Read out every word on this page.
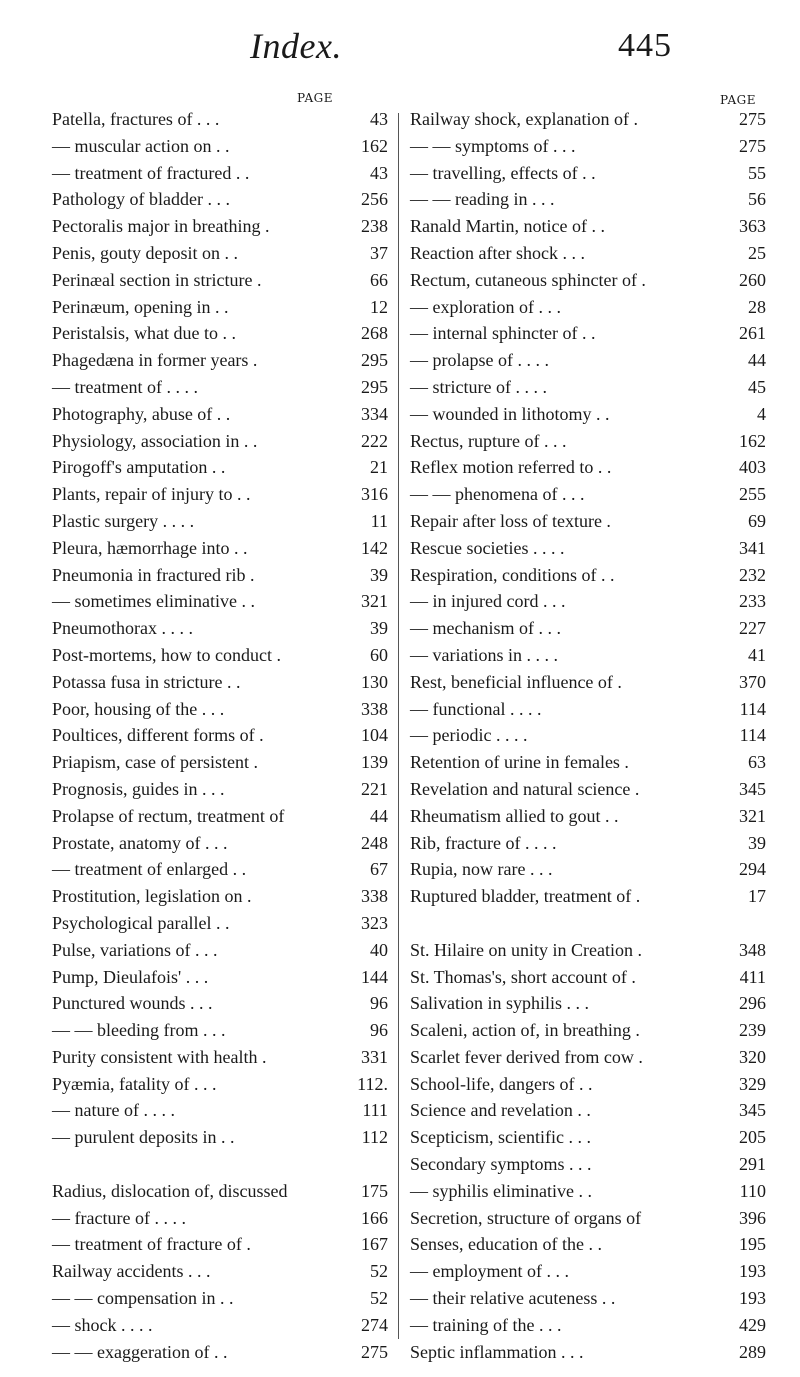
Index.	445
PAGE
Patella, fractures of . . .	43
— muscular action on . .	162
— treatment of fractured . .	43
Pathology of bladder . . .	256
Pectoralis major in breathing .	238
Penis, gouty deposit on . .	37
Perinæal section in stricture .	66
Perinæum, opening in . .	12
Peristalsis, what due to . .	268
Phagedæna in former years .	295
— treatment of . . . .	295
Photography, abuse of . .	334
Physiology, association in . .	222
Pirogoff's amputation . .	21
Plants, repair of injury to . .	316
Plastic surgery . . . .	11
Pleura, hæmorrhage into . .	142
Pneumonia in fractured rib .	39
— sometimes eliminative . .	321
Pneumothorax . . . .	39
Post-mortems, how to conduct .	60
Potassa fusa in stricture . .	130
Poor, housing of the . . .	338
Poultices, different forms of .	104
Priapism, case of persistent .	139
Prognosis, guides in . . .	221
Prolapse of rectum, treatment of	44
Prostate, anatomy of . . .	248
— treatment of enlarged . .	67
Prostitution, legislation on .	338
Psychological parallel . .	323
Pulse, variations of . . .	40
Pump, Dieulafois' . . .	144
Punctured wounds . . .	96
— — bleeding from . . .	96
Purity consistent with health .	331
Pyæmia, fatality of . . .	112.
— nature of . . . .	111
— purulent deposits in . .	112
Radius, dislocation of, discussed	175
— fracture of . . . .	166
— treatment of fracture of .	167
Railway accidents . . .	52
— — compensation in . .	52
— shock . . . .	274
— — exaggeration of . .	275
PAGE
Railway shock, explanation of .	275
— — symptoms of . . .	275
— travelling, effects of . .	55
— — reading in . . .	56
Ranald Martin, notice of . .	363
Reaction after shock . . .	25
Rectum, cutaneous sphincter of .	260
— exploration of . . .	28
— internal sphincter of . .	261
— prolapse of . . . .	44
— stricture of . . . .	45
— wounded in lithotomy . .	4
Rectus, rupture of . . .	162
Reflex motion referred to . .	403
— — phenomena of . . .	255
Repair after loss of texture .	69
Rescue societies . . . .	341
Respiration, conditions of . .	232
— in injured cord . . .	233
— mechanism of . . .	227
— variations in . . . .	41
Rest, beneficial influence of .	370
— functional . . . .	114
— periodic . . . .	114
Retention of urine in females .	63
Revelation and natural science .	345
Rheumatism allied to gout . .	321
Rib, fracture of . . . .	39
Rupia, now rare . . .	294
Ruptured bladder, treatment of .	17
St. Hilaire on unity in Creation .	348
St. Thomas's, short account of .	411
Salivation in syphilis . . .	296
Scaleni, action of, in breathing .	239
Scarlet fever derived from cow .	320
School-life, dangers of . .	329
Science and revelation . .	345
Scepticism, scientific . . .	205
Secondary symptoms . . .	291
— syphilis eliminative . .	110
Secretion, structure of organs of	396
Senses, education of the . .	195
— employment of . . .	193
— their relative acuteness . .	193
— training of the . . .	429
Septic inflammation . . .	289
